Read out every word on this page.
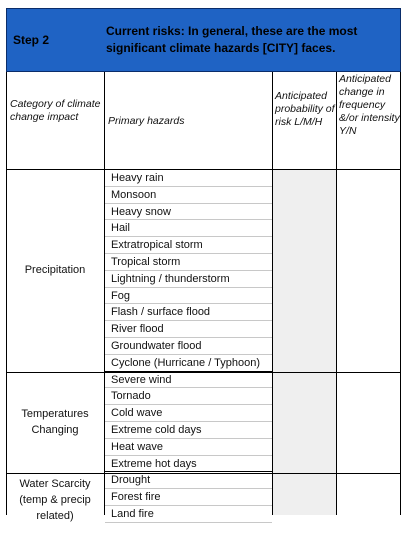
Step 2
Current risks: In general, these are the most significant climate hazards [CITY] faces.
Category of climate change impact	Primary hazards
Anticipated probability of risk L/M/H
Anticipated change in frequency &/or intensity Y/N
Precipitation
Temperatures Changing
Water Scarcity (temp & precip related)
Heavy rain
Monsoon
Heavy snow
Hail
Extratropical storm
Tropical storm
Lightning / thunderstorm
Fog
Flash / surface flood
River flood
Groundwater flood
Cyclone (Hurricane / Typhoon)
Severe wind
Tornado
Cold wave
Extreme cold days
Heat wave
Extreme hot days
Drought
Forest fire
Land fire
